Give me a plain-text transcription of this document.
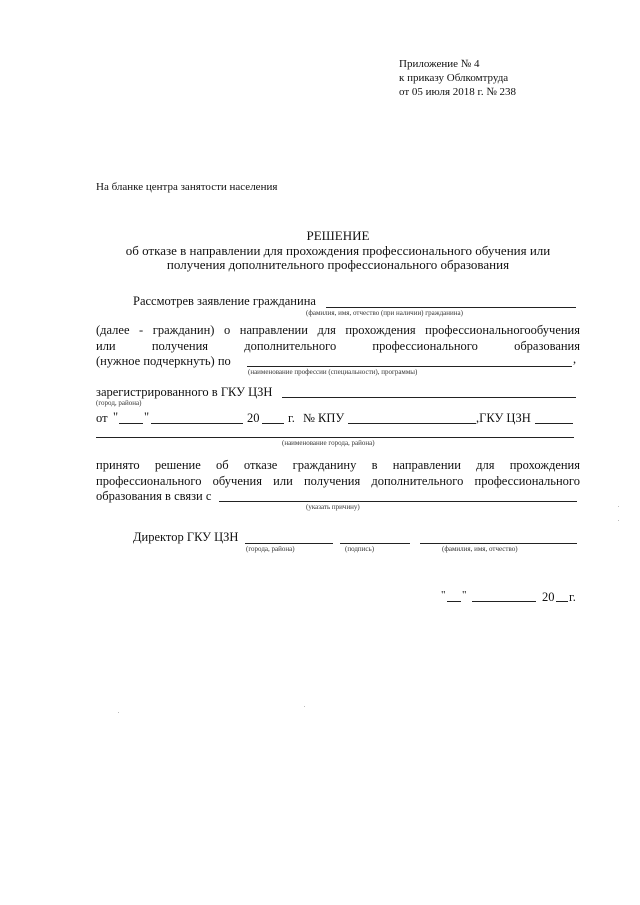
Приложение № 4
к приказу Облкомтруда
от 05 июля 2018 г. № 238
На бланке центра занятости населения
РЕШЕНИЕ
об отказе в направлении для прохождения профессионального обучения или
получения дополнительного профессионального образования
Рассмотрев заявление гражданина
(фамилия, имя, отчество (при наличии) гражданина)
(далее - гражданин) о направлении для прохождения профессиональногообучения
или	получения	дополнительного	профессионального	образования
(нужное подчеркнуть) по	,
(наименование профессии (специальности), программы)
зарегистрированного в ГКУ ЦЗН
(город, района)
от " "	20 г. № КПУ	,ГКУ ЦЗН
(наименование города, района)
принято решение об отказе гражданину в направлении для прохождения
профессионального обучения или получения дополнительного профессионального
образования в связи с
(указать причину)
Директор ГКУ ЦЗН
(города, района)	(подпись)	(фамилия, имя, отчество)
" "	20 г.
